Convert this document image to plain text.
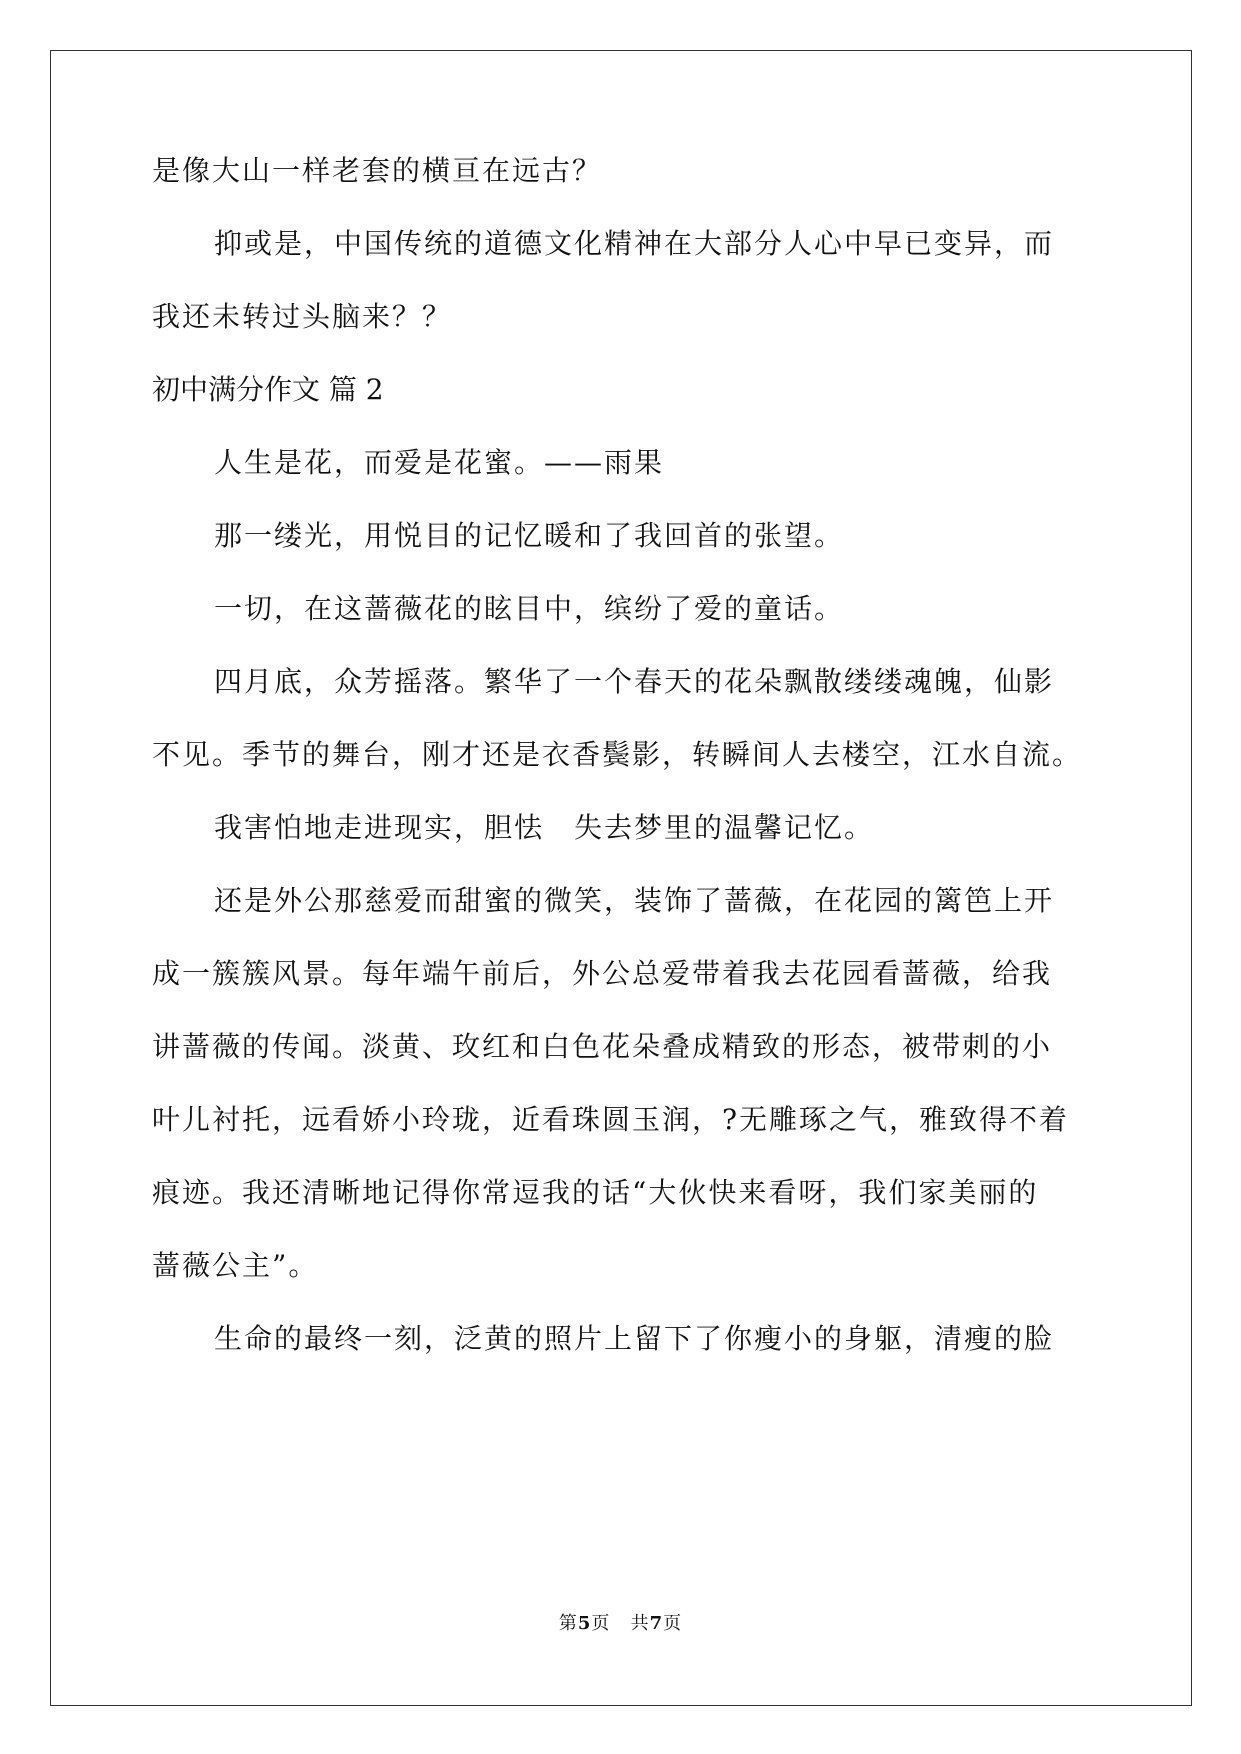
是像大山一样老套的横亘在远古？
抑或是，中国传统的道德文化精神在大部分人心中早已变异，而
我还未转过头脑来？？
初中满分作文 篇 2
人生是花，而爱是花蜜。——雨果
那一缕光，用悦目的记忆暖和了我回首的张望。
一切，在这蔷薇花的眩目中，缤纷了爱的童话。
四月底，众芳摇落。繁华了一个春天的花朵飘散缕缕魂魄，仙影
不见。季节的舞台，刚才还是衣香鬓影，转瞬间人去楼空，江水自流。
我害怕地走进现实，胆怯　失去梦里的温馨记忆。
还是外公那慈爱而甜蜜的微笑，装饰了蔷薇，在花园的篱笆上开
成一簇簇风景。每年端午前后，外公总爱带着我去花园看蔷薇，给我
讲蔷薇的传闻。淡黄、玫红和白色花朵叠成精致的形态，被带刺的小
叶儿衬托，远看娇小玲珑，近看珠圆玉润，?无雕琢之气，雅致得不着
痕迹。我还清晰地记得你常逗我的话“大伙快来看呀，我们家美丽的
蔷薇公主”。
生命的最终一刻，泛黄的照片上留下了你瘦小的身躯，清瘦的脸
第5页 共7页
